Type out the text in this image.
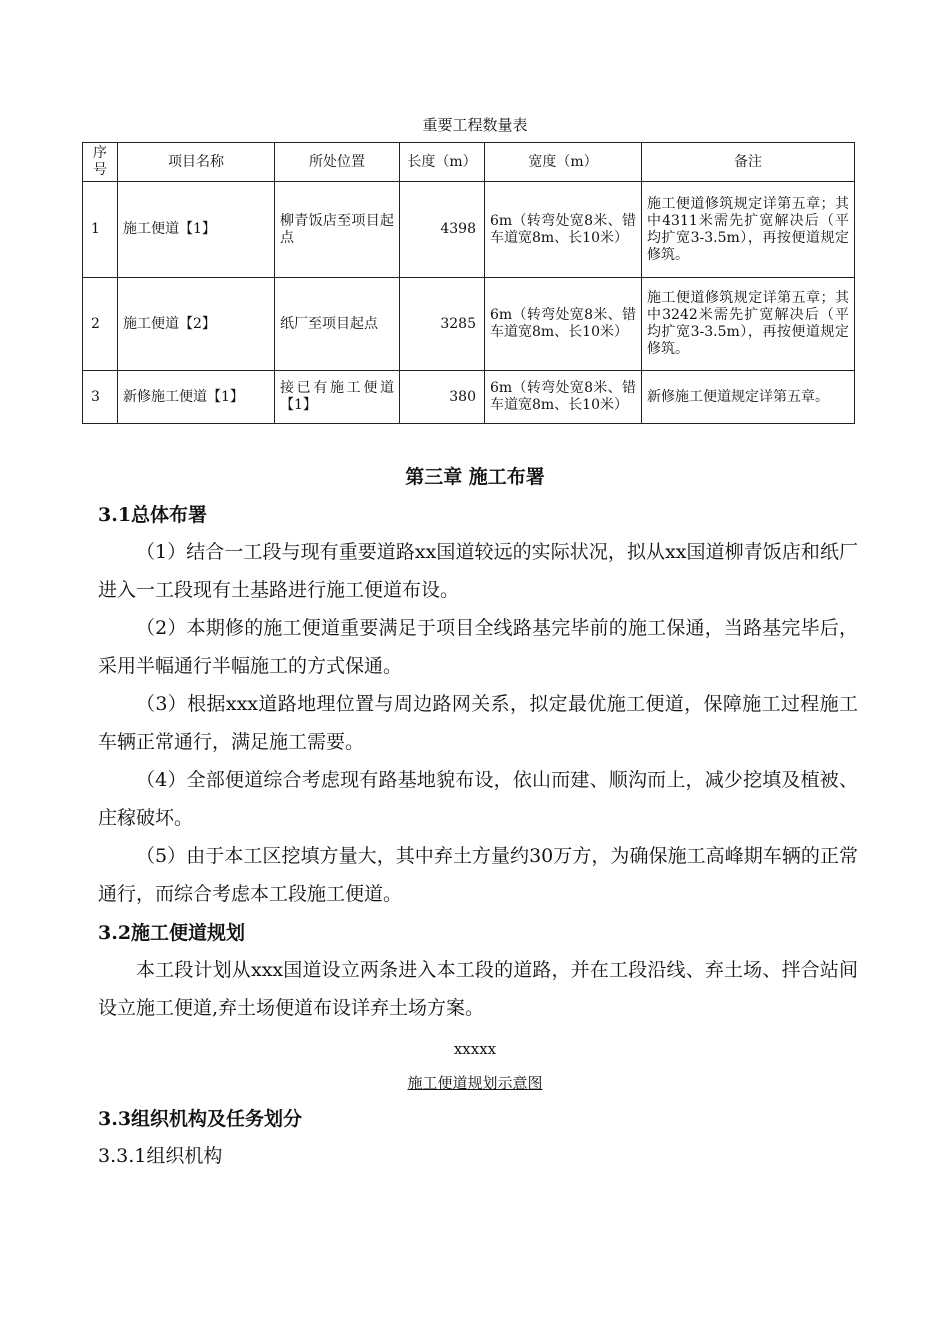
重要工程数量表
序号	项目名称	所处位置	长度（m）	宽度（m）	备注
1	施工便道【1】	柳青饭店至项目起点	4398	6m（转弯处宽8米、错车道宽8m、长10米）	施工便道修筑规定详第五章；其中4311米需先扩宽解决后（平均扩宽3-3.5m），再按便道规定修筑。
2	施工便道【2】	纸厂至项目起点	3285	6m（转弯处宽8米、错车道宽8m、长10米）	施工便道修筑规定详第五章；其中3242米需先扩宽解决后（平均扩宽3-3.5m），再按便道规定修筑。
3	新修施工便道【1】	接已有施工便道【1】	380	6m（转弯处宽8米、错车道宽8m、长10米）	新修施工便道规定详第五章。
第三章 施工布署
3.1总体布署
（1）结合一工段与现有重要道路xx国道较远的实际状况，拟从xx国道柳青饭店和纸厂进入一工段现有土基路进行施工便道布设。
（2）本期修的施工便道重要满足于项目全线路基完毕前的施工保通，当路基完毕后，采用半幅通行半幅施工的方式保通。
（3）根据xxx道路地理位置与周边路网关系，拟定最优施工便道，保障施工过程施工车辆正常通行，满足施工需要。
（4）全部便道综合考虑现有路基地貌布设，依山而建、顺沟而上，减少挖填及植被、庄稼破坏。
（5）由于本工区挖填方量大，其中弃土方量约30万方，为确保施工高峰期车辆的正常通行，而综合考虑本工段施工便道。
3.2施工便道规划
本工段计划从xxx国道设立两条进入本工段的道路，并在工段沿线、弃土场、拌合站间设立施工便道,弃土场便道布设详弃土场方案。
xxxxx
施工便道规划示意图
3.3组织机构及任务划分
3.3.1组织机构
